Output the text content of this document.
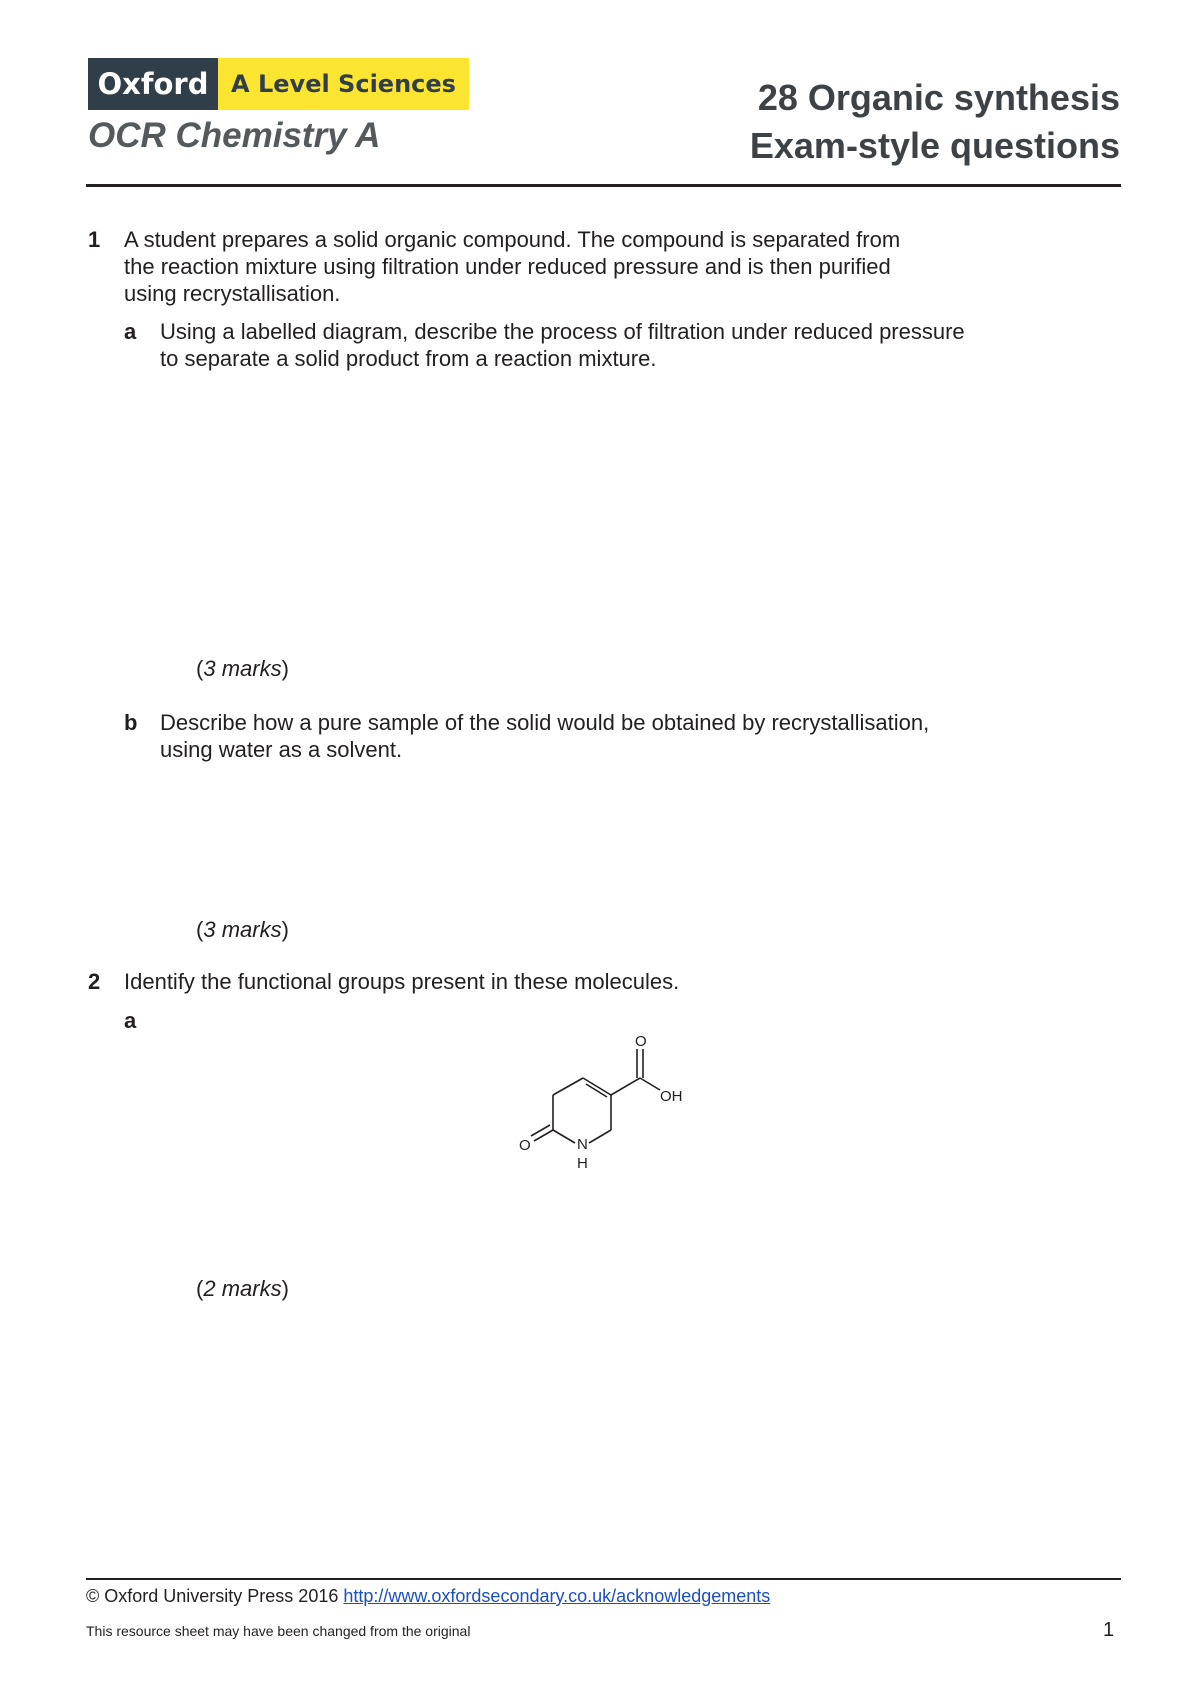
Oxford A Level Sciences
OCR Chemistry A
28 Organic synthesis
Exam-style questions
1 A student prepares a solid organic compound. The compound is separated from
the reaction mixture using filtration under reduced pressure and is then purified
using recrystallisation.
a Using a labelled diagram, describe the process of filtration under reduced pressure
to separate a solid product from a reaction mixture.
(3 marks)
b Describe how a pure sample of the solid would be obtained by recrystallisation,
using water as a solvent.
(3 marks)
2 Identify the functional groups present in these molecules.
a
O
OH
O	N
H
(2 marks)
© Oxford University Press 2016 http://www.oxfordsecondary.co.uk/acknowledgements
This resource sheet may have been changed from the original	1
